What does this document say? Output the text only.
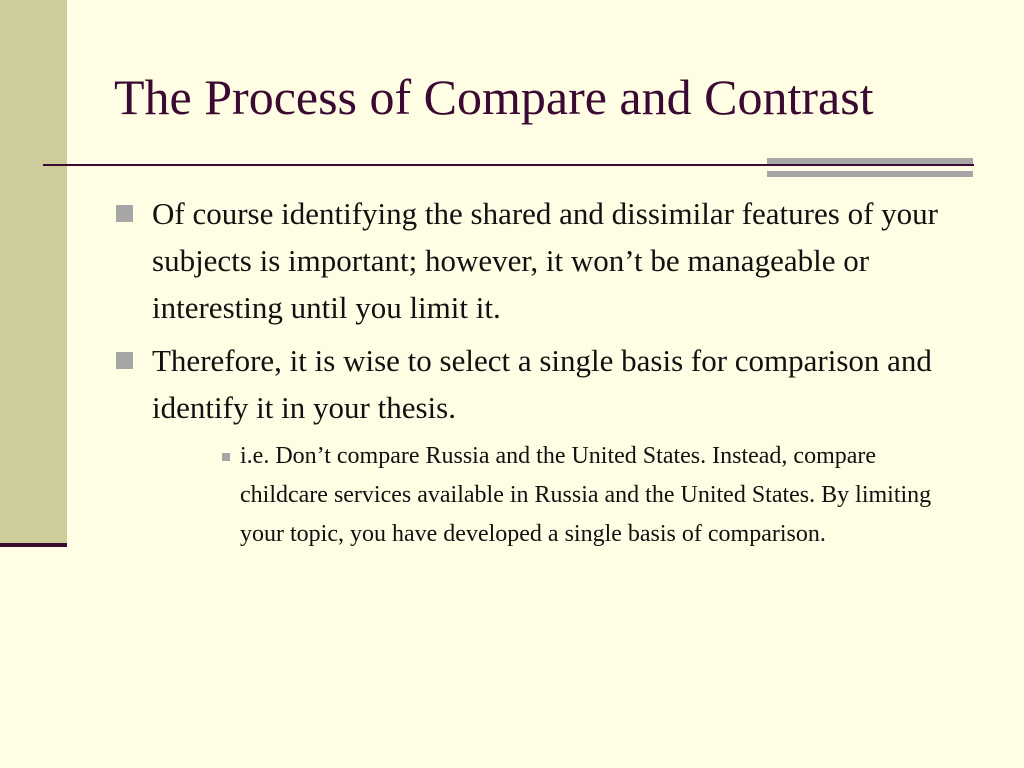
The Process of Compare and Contrast
Of course identifying the shared and dissimilar features of your subjects is important; however, it won’t be manageable or interesting until you limit it.
Therefore, it is wise to select a single basis for comparison and identify it in your thesis.
i.e. Don’t compare Russia and the United States. Instead, compare childcare services available in Russia and the United States. By limiting your topic, you have developed a single basis of comparison.
